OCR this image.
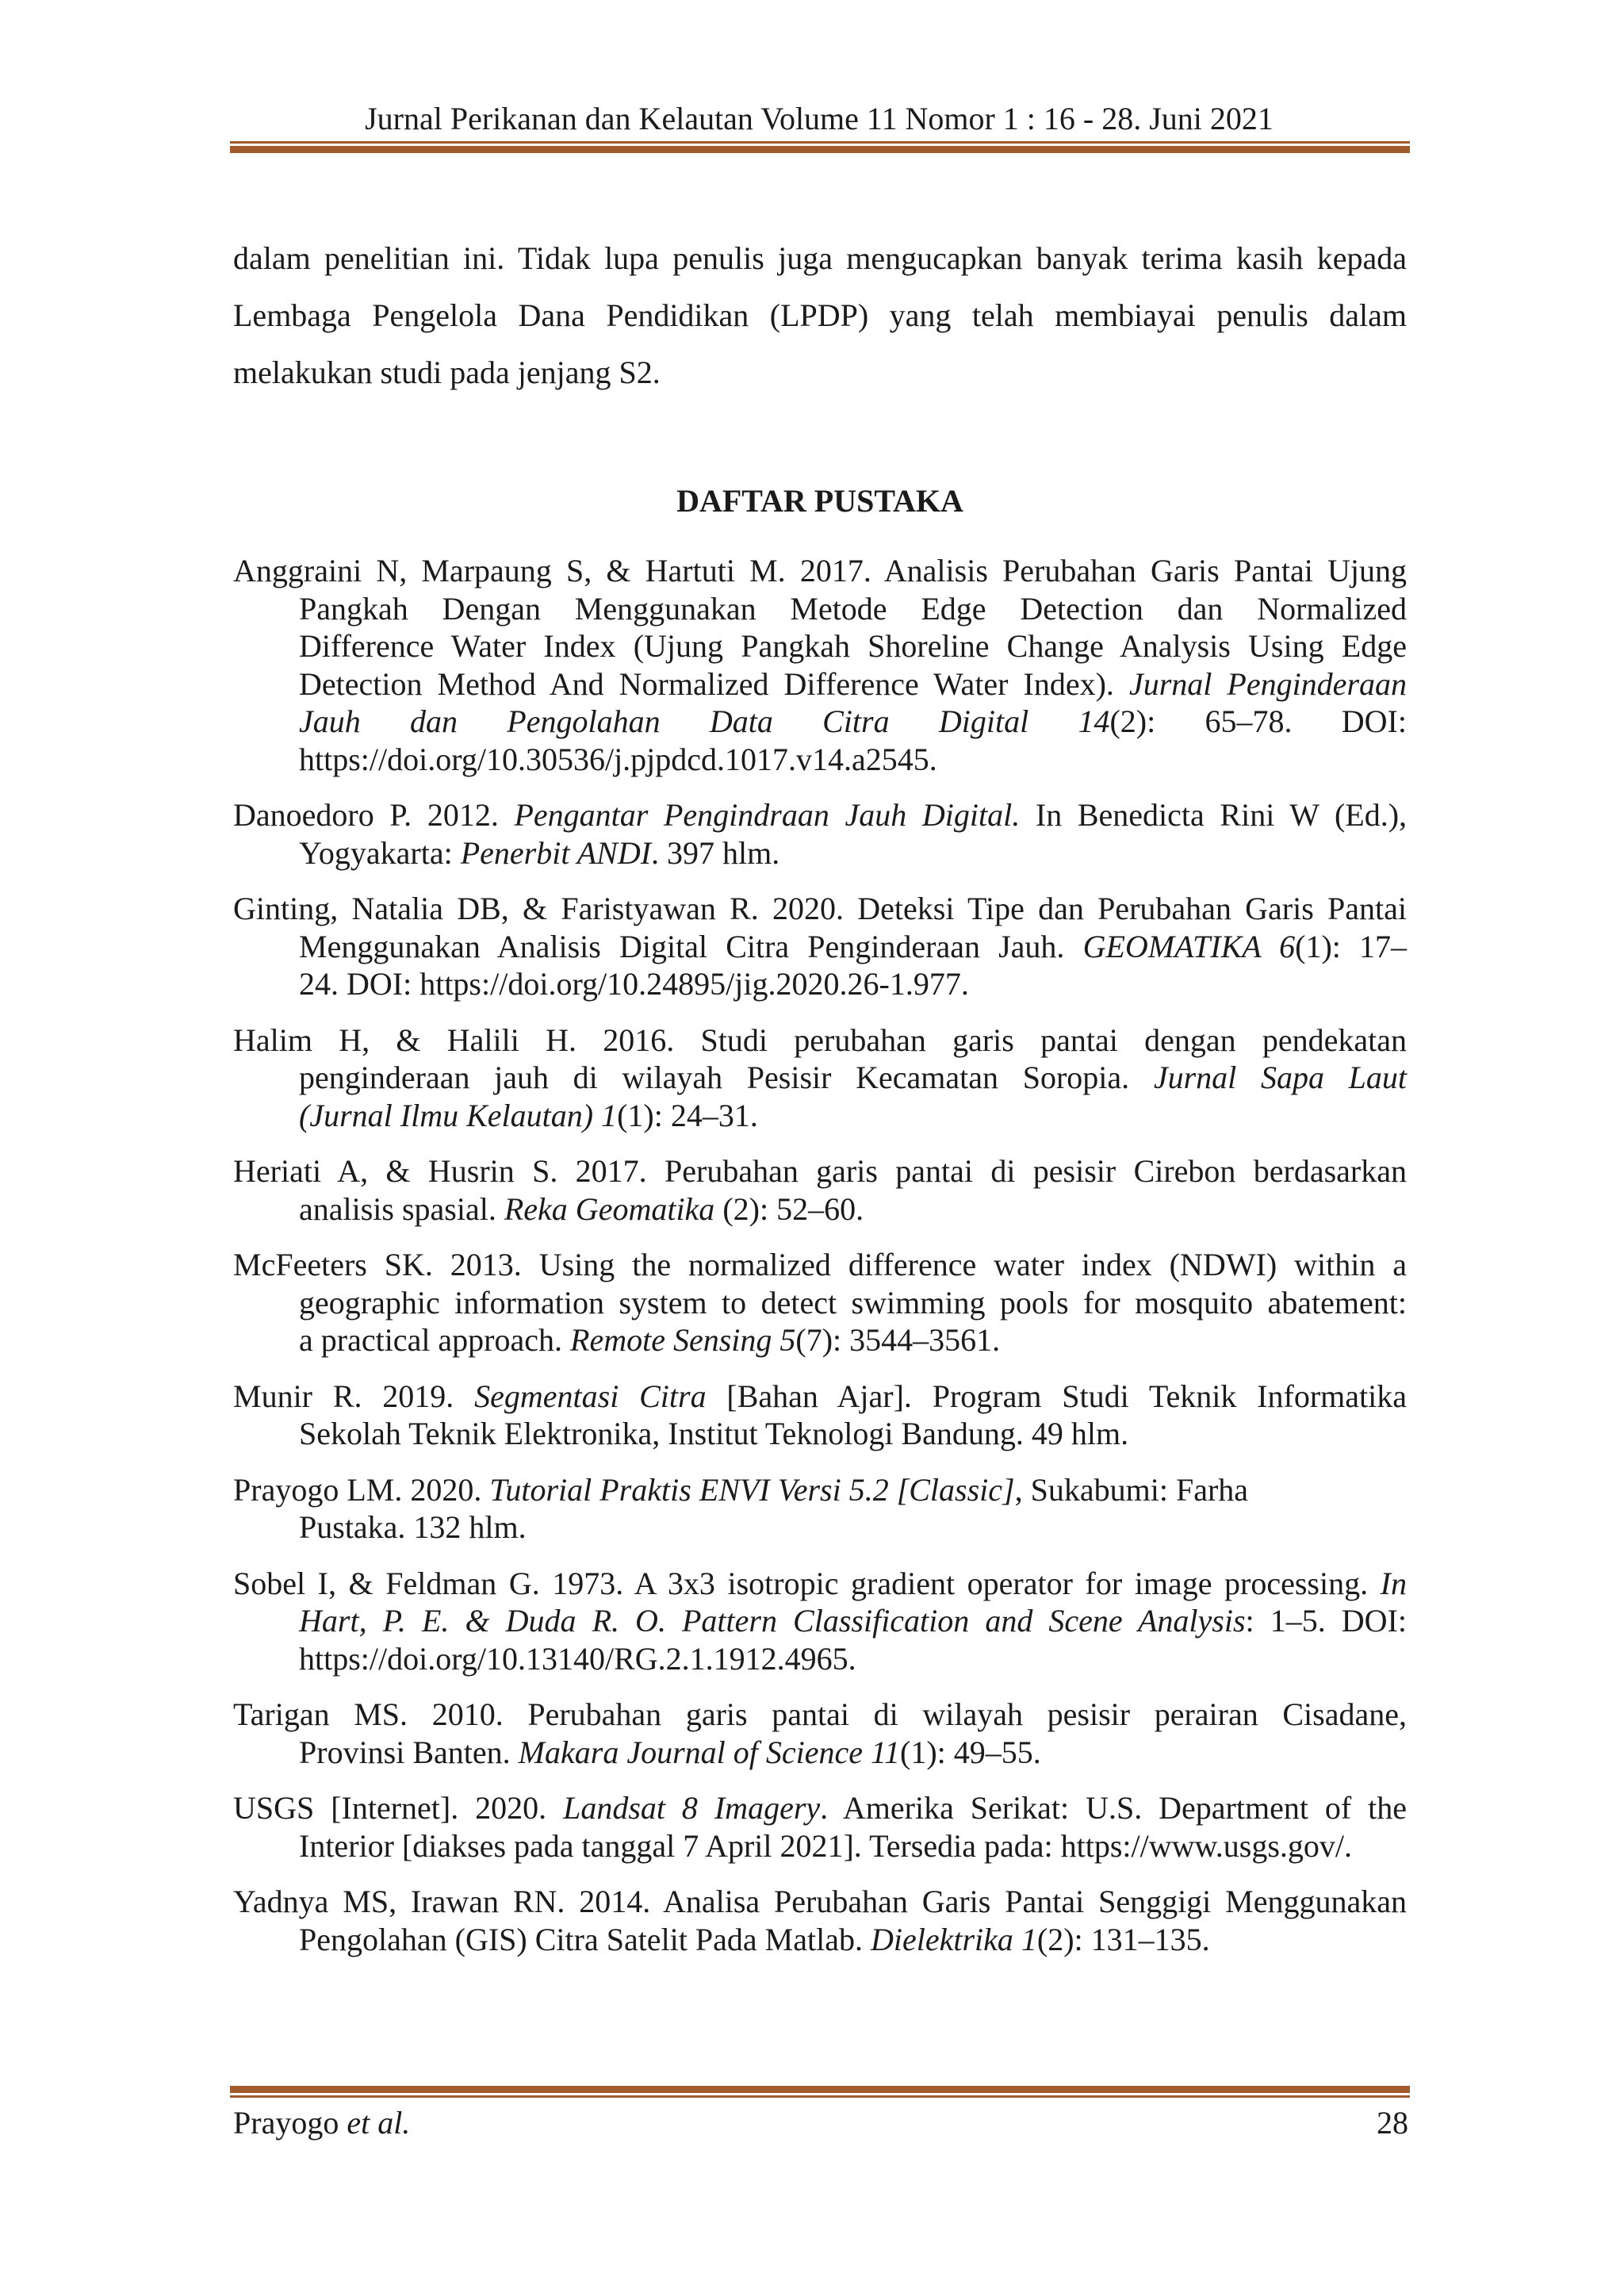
Jurnal Perikanan dan Kelautan Volume 11 Nomor 1 : 16 - 28. Juni 2021
dalam penelitian ini. Tidak lupa penulis juga mengucapkan banyak terima kasih kepada
Lembaga Pengelola Dana Pendidikan (LPDP) yang telah membiayai penulis dalam
melakukan studi pada jenjang S2.
DAFTAR PUSTAKA
Anggraini N, Marpaung S, & Hartuti M. 2017. Analisis Perubahan Garis Pantai Ujung
Pangkah Dengan Menggunakan Metode Edge Detection dan Normalized
Difference Water Index (Ujung Pangkah Shoreline Change Analysis Using Edge
Detection Method And Normalized Difference Water Index). Jurnal Penginderaan
Jauh dan Pengolahan Data Citra Digital 14(2): 65–78. DOI:
https://doi.org/10.30536/j.pjpdcd.1017.v14.a2545.
Danoedoro P. 2012. Pengantar Pengindraan Jauh Digital. In Benedicta Rini W (Ed.),
Yogyakarta: Penerbit ANDI. 397 hlm.
Ginting, Natalia DB, & Faristyawan R. 2020. Deteksi Tipe dan Perubahan Garis Pantai
Menggunakan Analisis Digital Citra Penginderaan Jauh. GEOMATIKA 6(1): 17–
24. DOI: https://doi.org/10.24895/jig.2020.26-1.977.
Halim H, & Halili H. 2016. Studi perubahan garis pantai dengan pendekatan
penginderaan jauh di wilayah Pesisir Kecamatan Soropia. Jurnal Sapa Laut
(Jurnal Ilmu Kelautan) 1(1): 24–31.
Heriati A, & Husrin S. 2017. Perubahan garis pantai di pesisir Cirebon berdasarkan
analisis spasial. Reka Geomatika (2): 52–60.
McFeeters SK. 2013. Using the normalized difference water index (NDWI) within a
geographic information system to detect swimming pools for mosquito abatement:
a practical approach. Remote Sensing 5(7): 3544–3561.
Munir R. 2019. Segmentasi Citra [Bahan Ajar]. Program Studi Teknik Informatika
Sekolah Teknik Elektronika, Institut Teknologi Bandung. 49 hlm.
Prayogo LM. 2020. Tutorial Praktis ENVI Versi 5.2 [Classic], Sukabumi: Farha
Pustaka. 132 hlm.
Sobel I, & Feldman G. 1973. A 3x3 isotropic gradient operator for image processing. In
Hart, P. E. & Duda R. O. Pattern Classification and Scene Analysis: 1–5. DOI:
https://doi.org/10.13140/RG.2.1.1912.4965.
Tarigan MS. 2010. Perubahan garis pantai di wilayah pesisir perairan Cisadane,
Provinsi Banten. Makara Journal of Science 11(1): 49–55.
USGS [Internet]. 2020. Landsat 8 Imagery. Amerika Serikat: U.S. Department of the
Interior [diakses pada tanggal 7 April 2021]. Tersedia pada: https://www.usgs.gov/.
Yadnya MS, Irawan RN. 2014. Analisa Perubahan Garis Pantai Senggigi Menggunakan
Pengolahan (GIS) Citra Satelit Pada Matlab. Dielektrika 1(2): 131–135.
Prayogo et al.	28
